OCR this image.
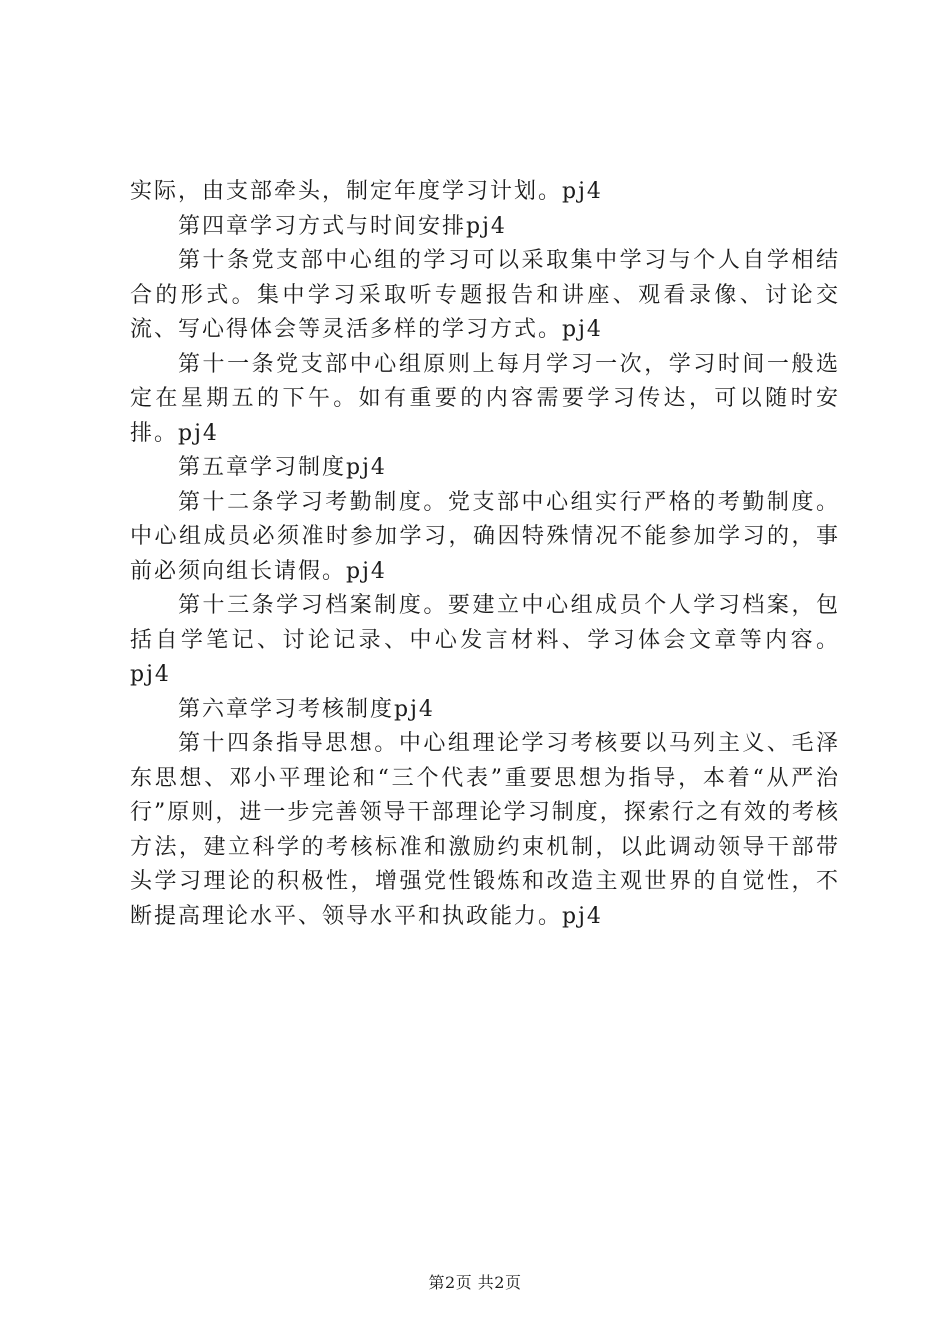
实际，由支部牵头，制定年度学习计划。pj4

第四章学习方式与时间安排pj4

第十条党支部中心组的学习可以采取集中学习与个人自学相结合的形式。集中学习采取听专题报告和讲座、观看录像、讨论交流、写心得体会等灵活多样的学习方式。pj4

第十一条党支部中心组原则上每月学习一次，学习时间一般选定在星期五的下午。如有重要的内容需要学习传达，可以随时安排。pj4

第五章学习制度pj4

第十二条学习考勤制度。党支部中心组实行严格的考勤制度。中心组成员必须准时参加学习，确因特殊情况不能参加学习的，事前必须向组长请假。pj4

第十三条学习档案制度。要建立中心组成员个人学习档案，包括自学笔记、讨论记录、中心发言材料、学习体会文章等内容。pj4

第六章学习考核制度pj4

第十四条指导思想。中心组理论学习考核要以马列主义、毛泽东思想、邓小平理论和“三个代表”重要思想为指导，本着“从严治行”原则，进一步完善领导干部理论学习制度，探索行之有效的考核方法，建立科学的考核标准和激励约束机制，以此调动领导干部带头学习理论的积极性，增强党性锻炼和改造主观世界的自觉性，不断提高理论水平、领导水平和执政能力。pj4

第2页 共2页
